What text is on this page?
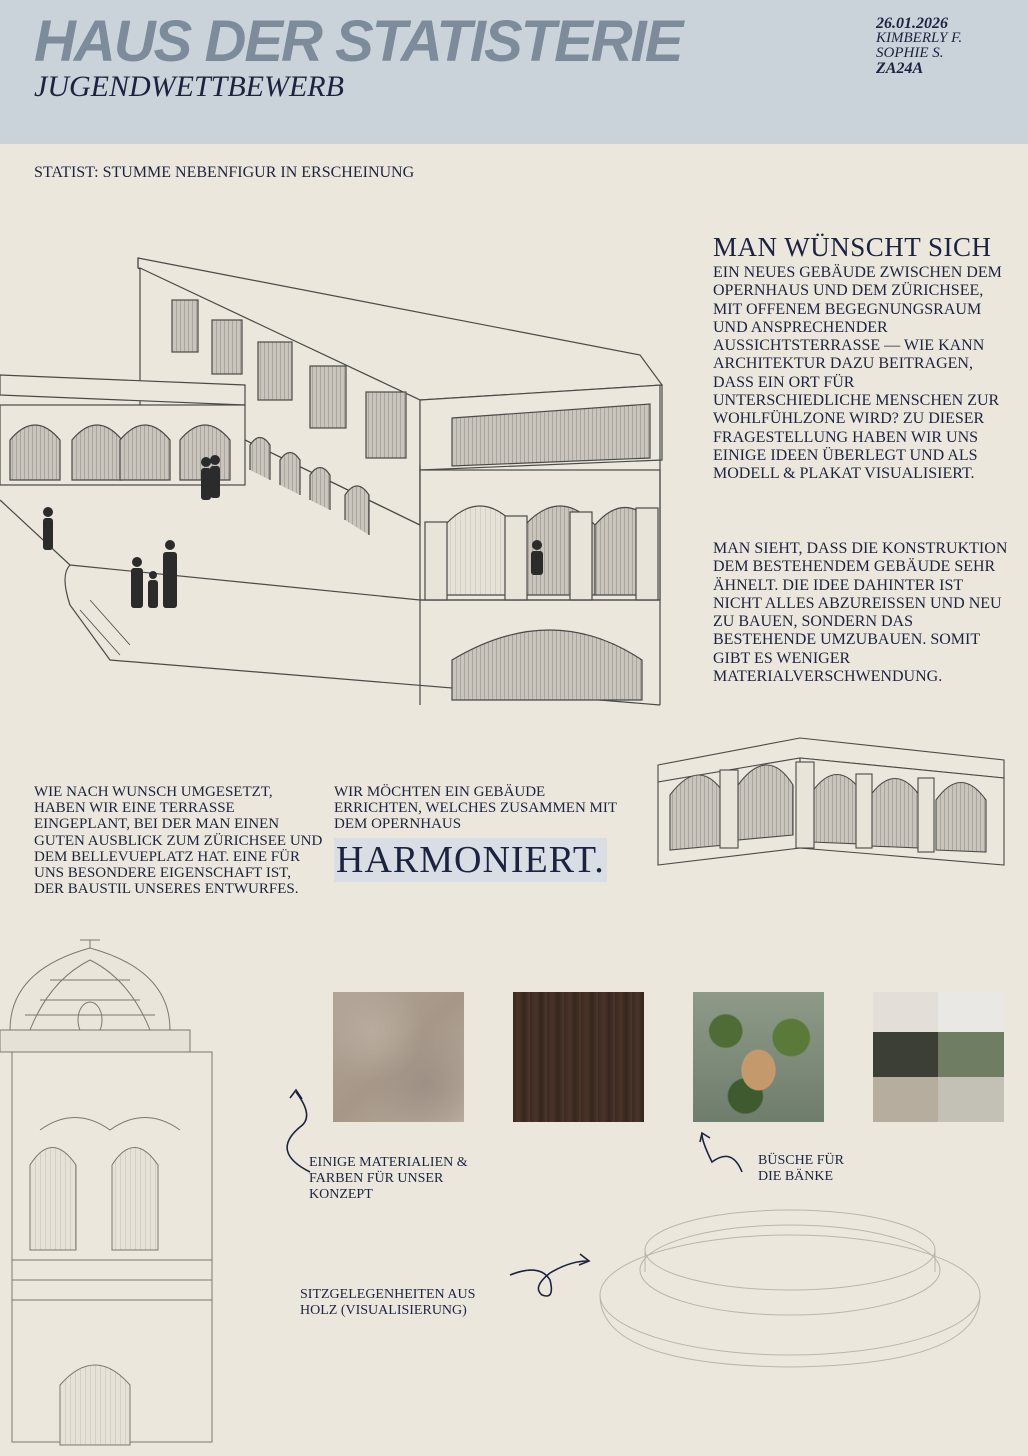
HAUS DER STATISTERIE
JUGENDWETTBEWERB
26.01.2026
KIMBERLY F.
SOPHIE S.
ZA24A
STATIST: STUMME NEBENFIGUR IN ERSCHEINUNG
MAN WÜNSCHT SICH
EIN NEUES GEBÄUDE ZWISCHEN DEM OPERNHAUS UND DEM ZÜRICHSEE, MIT OFFENEM BEGEGNUNGSRAUM UND ANSPRECHENDER AUSSICHTSTERRASSE — WIE KANN ARCHITEKTUR DAZU BEITRAGEN, DASS EIN ORT FÜR UNTERSCHIEDLICHE MENSCHEN ZUR WOHLFÜHLZONE WIRD? ZU DIESER FRAGESTELLUNG HABEN WIR UNS EINIGE IDEEN ÜBERLEGT UND ALS MODELL & PLAKAT VISUALISIERT.
MAN SIEHT, DASS DIE KONSTRUKTION DEM BESTEHENDEM GEBÄUDE SEHR ÄHNELT. DIE IDEE DAHINTER IST NICHT ALLES ABZUREISSEN UND NEU ZU BAUEN, SONDERN DAS BESTEHENDE UMZUBAUEN. SOMIT GIBT ES WENIGER MATERIALVERSCHWENDUNG.
WIE NACH WUNSCH UMGESETZT, HABEN WIR EINE TERRASSE EINGEPLANT, BEI DER MAN EINEN GUTEN AUSBLICK ZUM ZÜRICHSEE UND DEM BELLEVUEPLATZ HAT. EINE FÜR UNS BESONDERE EIGENSCHAFT IST, DER BAUSTIL UNSERES ENTWURFES.
WIR MÖCHTEN EIN GEBÄUDE ERRICHTEN, WELCHES ZUSAMMEN MIT DEM OPERNHAUS
HARMONIERT.
EINIGE MATERIALIEN & FARBEN FÜR UNSER KONZEPT
BÜSCHE FÜR DIE BÄNKE
SITZGELEGENHEITEN AUS HOLZ (VISUALISIERUNG)
